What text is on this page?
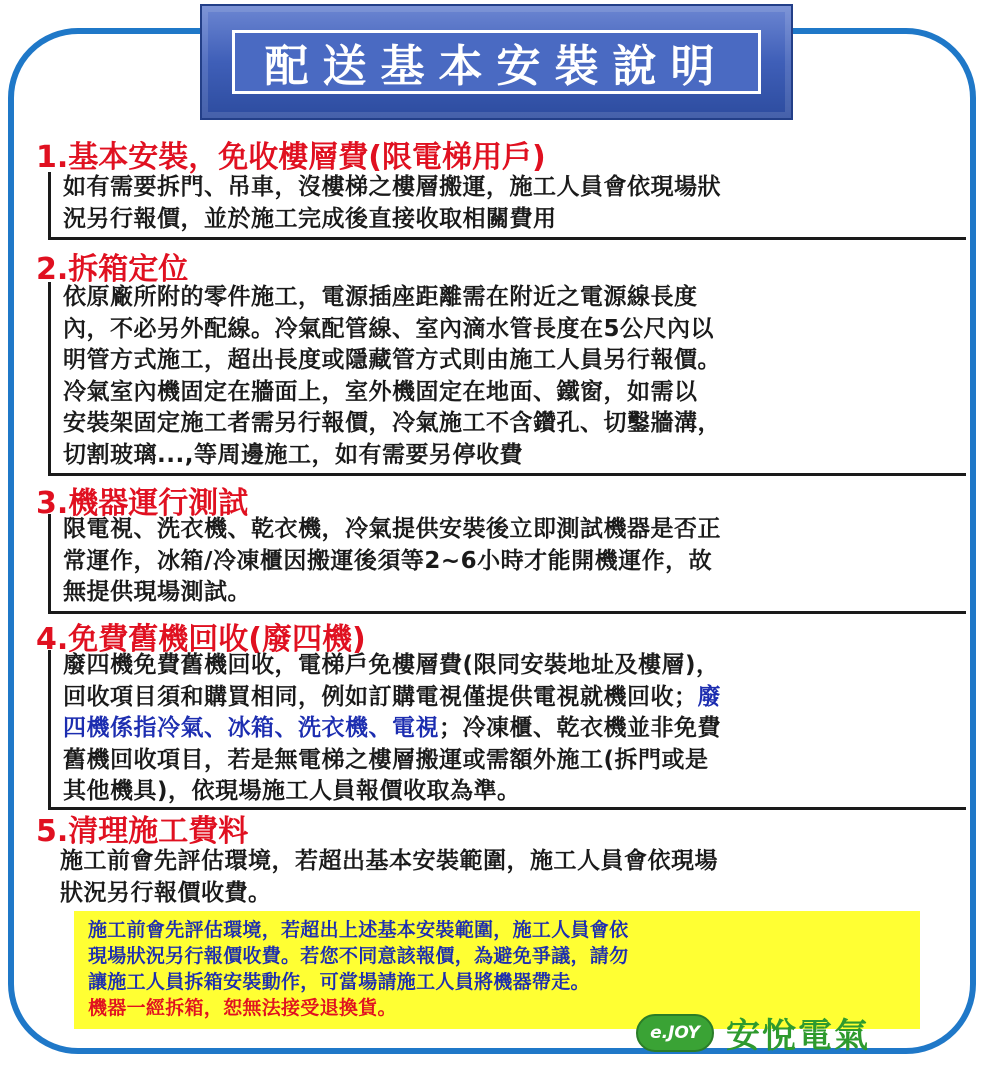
配送基本安裝說明
1.基本安裝，免收樓層費(限電梯用戶)
如有需要拆門、吊車，沒樓梯之樓層搬運，施工人員會依現場狀
況另行報價，並於施工完成後直接收取相關費用
2.拆箱定位
依原廠所附的零件施工，電源插座距離需在附近之電源線長度
內，不必另外配線。冷氣配管線、室內滴水管長度在5公尺內以
明管方式施工，超出長度或隱藏管方式則由施工人員另行報價。
冷氣室內機固定在牆面上，室外機固定在地面、鐵窗，如需以
安裝架固定施工者需另行報價，冷氣施工不含鑽孔、切鑿牆溝，
切割玻璃...,等周邊施工，如有需要另停收費
3.機器運行測試
限電視、洗衣機、乾衣機，冷氣提供安裝後立即測試機器是否正
常運作，冰箱/冷凍櫃因搬運後須等2~6小時才能開機運作，故
無提供現場測試。
4.免費舊機回收(廢四機)
廢四機免費舊機回收，電梯戶免樓層費(限同安裝地址及樓層)，
回收項目須和購買相同，例如訂購電視僅提供電視就機回收；廢
四機係指冷氣、冰箱、洗衣機、電視；冷凍櫃、乾衣機並非免費
舊機回收項目，若是無電梯之樓層搬運或需額外施工(拆門或是
其他機具)，依現場施工人員報價收取為準。
5.清理施工費料
施工前會先評估環境，若超出基本安裝範圍，施工人員會依現場
狀況另行報價收費。
施工前會先評估環境，若超出上述基本安裝範圍，施工人員會依
現場狀況另行報價收費。若您不同意該報價，為避免爭議，請勿
讓施工人員拆箱安裝動作，可當場請施工人員將機器帶走。
機器一經拆箱，恕無法接受退換貨。
e.JOY 安悅電氣
